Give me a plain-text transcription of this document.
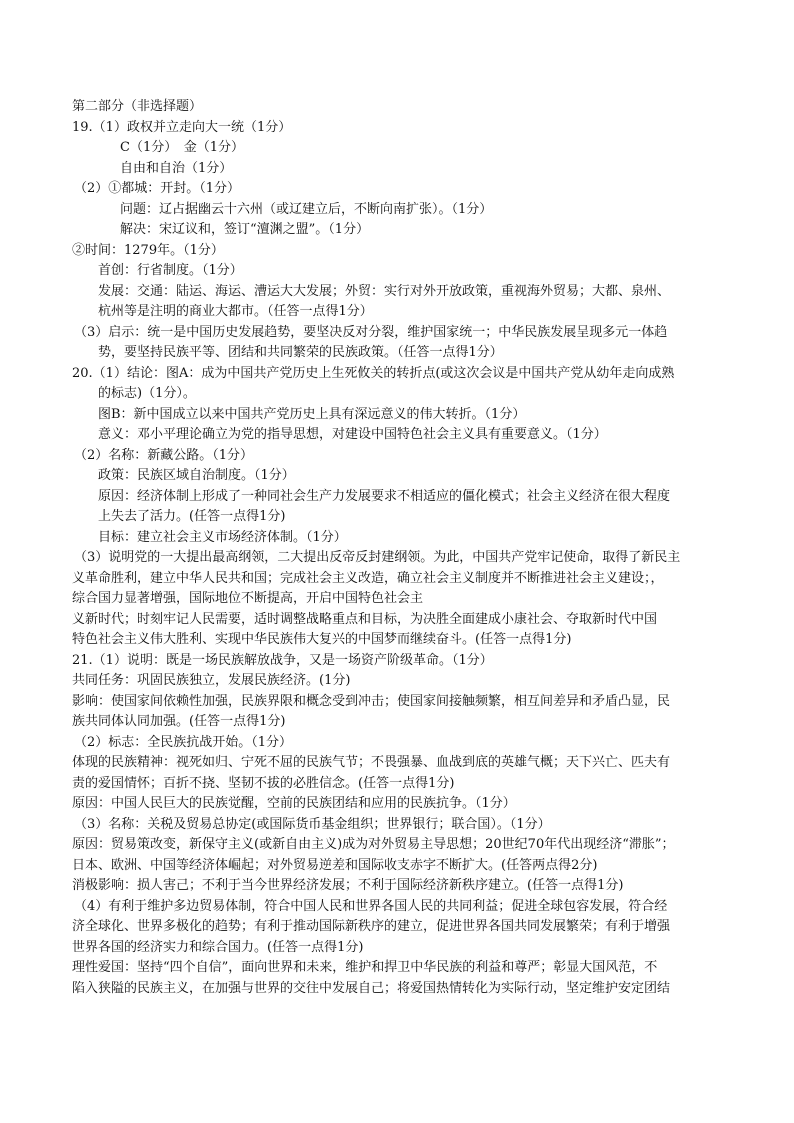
第二部分（非选择题）
19.（1）政权并立走向大一统（1分）
C（1分）　金（1分）
自由和自治（1分）
（2）①都城：开封。（1分）
问题：辽占据幽云十六州（或辽建立后，不断向南扩张）。（1分）
解决：宋辽议和，签订“澶渊之盟”。（1分）
②时间：1279年。（1分）
首创：行省制度。（1分）
发展：交通：陆运、海运、漕运大大发展；外贸：实行对外开放政策，重视海外贸易；大都、泉州、
杭州等是注明的商业大都市。（任答一点得1分）
（3）启示：统一是中国历史发展趋势，要坚决反对分裂，维护国家统一；中华民族发展呈现多元一体趋
势，要坚持民族平等、团结和共同繁荣的民族政策。（任答一点得1分）
20.（1）结论：图A：成为中国共产党历史上生死攸关的转折点(或这次会议是中国共产党从幼年走向成熟
的标志)（1分）。
图B：新中国成立以来中国共产党历史上具有深远意义的伟大转折。（1分）
意义：邓小平理论确立为党的指导思想，对建设中国特色社会主义具有重要意义。（1分）
（2）名称：新藏公路。（1分）
政策：民族区域自治制度。（1分）
原因：经济体制上形成了一种同社会生产力发展要求不相适应的僵化模式；社会主义经济在很大程度
上失去了活力。(任答一点得1分)
目标：建立社会主义市场经济体制。（1分）
（3）说明党的一大提出最高纲领，二大提出反帝反封建纲领。为此，中国共产党牢记使命，取得了新民主
义革命胜利，建立中华人民共和国；完成社会主义改造，确立社会主义制度并不断推进社会主义建设；，
综合国力显著增强，国际地位不断提高，开启中国特色社会主
义新时代；时刻牢记人民需要，适时调整战略重点和目标，为决胜全面建成小康社会、夺取新时代中国
特色社会主义伟大胜利、实现中华民族伟大复兴的中国梦而继续奋斗。(任答一点得1分)
21.（1）说明：既是一场民族解放战争，又是一场资产阶级革命。（1分）
共同任务：巩固民族独立，发展民族经济。(1分)
影响：使国家间依赖性加强，民族界限和概念受到冲击；使国家间接触频繁，相互间差异和矛盾凸显，民
族共同体认同加强。(任答一点得1分)
（2）标志：全民族抗战开始。（1分）
体现的民族精神：视死如归、宁死不屈的民族气节；不畏强暴、血战到底的英雄气概；天下兴亡、匹夫有
责的爱国情怀；百折不挠、坚韧不拔的必胜信念。(任答一点得1分)
原因：中国人民巨大的民族觉醒，空前的民族团结和应用的民族抗争。（1分）
（3）名称：关税及贸易总协定(或国际货币基金组织；世界银行；联合国）。（1分）
原因：贸易策改变，新保守主义(或新自由主义)成为对外贸易主导思想；20世纪70年代出现经济“滞胀”；
日本、欧洲、中国等经济体崛起；对外贸易逆差和国际收支赤字不断扩大。(任答两点得2分)
消极影响：损人害己；不利于当今世界经济发展；不利于国际经济新秩序建立。(任答一点得1分)
（4）有利于维护多边贸易体制，符合中国人民和世界各国人民的共同利益；促进全球包容发展，符合经
济全球化、世界多极化的趋势；有利于推动国际新秩序的建立，促进世界各国共同发展繁荣；有利于增强
世界各国的经济实力和综合国力。(任答一点得1分)
理性爱国：坚持“四个自信”，面向世界和未来，维护和捍卫中华民族的利益和尊严；彰显大国风范，不
陷入狭隘的民族主义，在加强与世界的交往中发展自己；将爱国热情转化为实际行动，坚定维护安定团结
